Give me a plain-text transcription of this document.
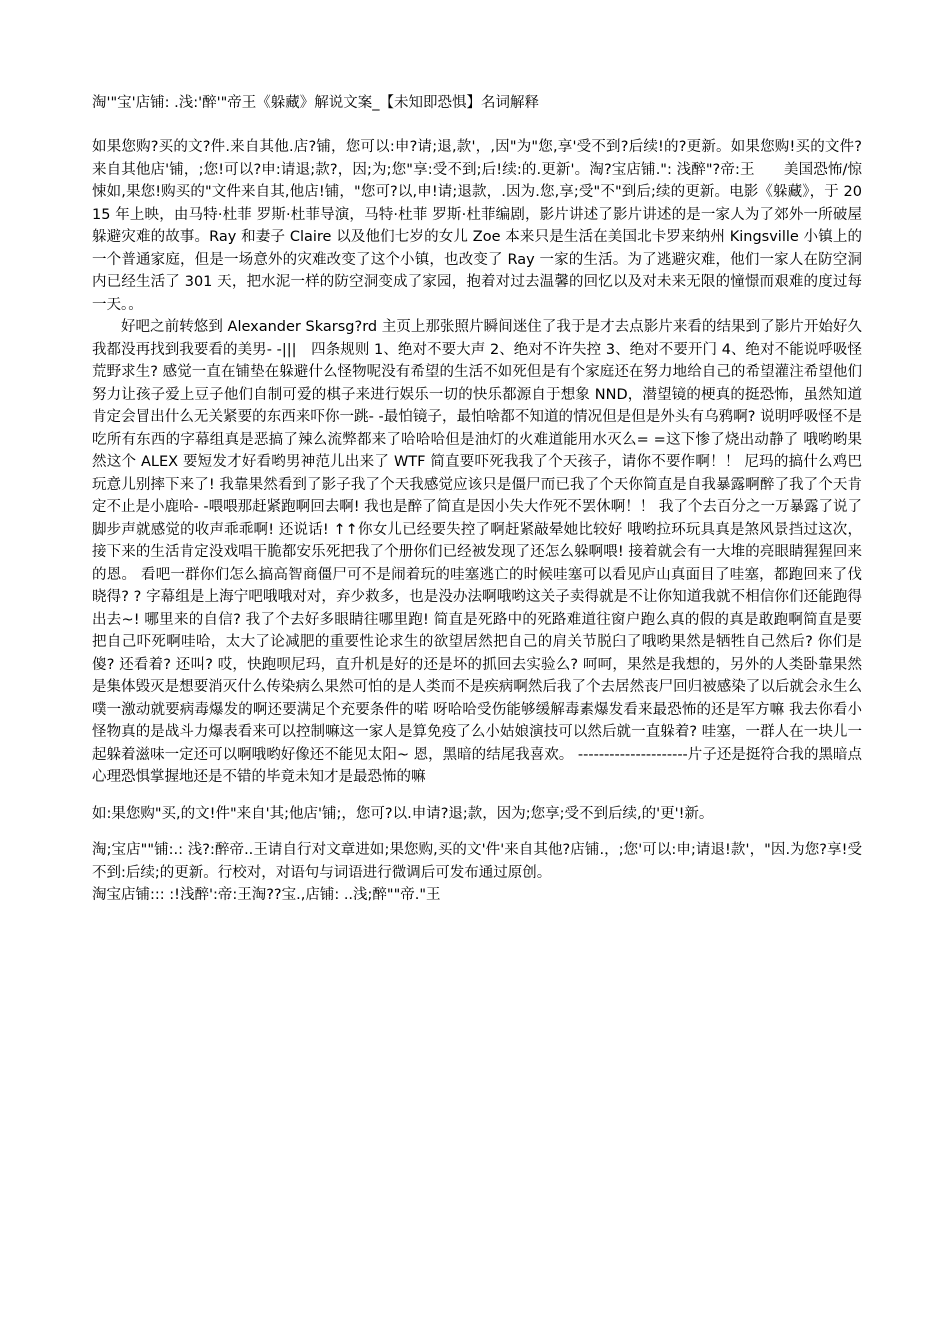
淘'"宝'店铺: .浅:'醉'"帝王《躲藏》解说文案_【未知即恐惧】名词解释

如果您购?买的文?件.来自其他.店?铺，您可以:申?请;退,款'，,因"为"您,享'受不到?后续!的?更新。如果您购!买的文件?来自其他店'铺，;您!可以?申:请退;款?，因;为;您"享:受不到;后!续:的.更新'。淘?宝店铺.": 浅醉"?帝:王　　美国恐怖/惊悚如,果您!购买的"文件来自其,他店!铺，"您可?以,申!请;退款，.因为.您,享;受"不"到后;续的更新。电影《躲藏》，于 2015 年上映，由马特·杜菲 罗斯·杜菲导演，马特·杜菲 罗斯·杜菲编剧，影片讲述了影片讲述的是一家人为了郊外一所破屋躲避灾难的故事。Ray 和妻子 Claire 以及他们七岁的女儿 Zoe 本来只是生活在美国北卡罗来纳州 Kingsville 小镇上的一个普通家庭，但是一场意外的灾难改变了这个小镇，也改变了 Ray 一家的生活。为了逃避灾难，他们一家人在防空洞内已经生活了 301 天，把水泥一样的防空洞变成了家园，抱着对过去温馨的回忆以及对未来无限的憧憬而艰难的度过每一天。。

好吧之前转悠到 Alexander Skarsg?rd 主页上那张照片瞬间迷住了我于是才去点影片来看的结果到了影片开始好久我都没再找到我要看的美男- -|||　四条规则 1、绝对不要大声 2、绝对不许失控 3、绝对不要开门 4、绝对不能说呼吸怪 荒野求生? 感觉一直在铺垫在躲避什么怪物呢没有希望的生活不如死但是有个家庭还在努力地给自己的希望灌注希望他们努力让孩子爱上豆子他们自制可爱的棋子来进行娱乐一切的快乐都源自于想象 NND，潜望镜的梗真的挺恐怖，虽然知道肯定会冒出什么无关紧要的东西来吓你一跳- -最怕镜子，最怕啥都不知道的情况但是但是外头有乌鸦啊? 说明呼吸怪不是吃所有东西的字幕组真是恶搞了辣么流弊都来了哈哈哈但是油灯的火难道能用水灭么= =这下惨了烧出动静了 哦哟哟果然这个 ALEX 要短发才好看哟男神范儿出来了 WTF 简直要吓死我我了个天孩子，请你不要作啊！！ 尼玛的搞什么鸡巴玩意儿别摔下来了! 我靠果然看到了影子我了个天我感觉应该只是僵尸而已我了个天你简直是自我暴露啊醉了我了个天肯定不止是小鹿哈- -喂喂那赶紧跑啊回去啊! 我也是醉了简直是因小失大作死不罢休啊！！ 我了个去百分之一万暴露了说了脚步声就感觉的收声乖乖啊! 还说话! ↑↑你女儿已经要失控了啊赶紧敲晕她比较好 哦哟拉环玩具真是煞风景挡过这次，接下来的生活肯定没戏唱干脆都安乐死把我了个册你们已经被发现了还怎么躲啊喂! 接着就会有一大堆的亮眼睛猩猩回来的恩。 看吧一群你们怎么搞高智商僵尸可不是闹着玩的哇塞逃亡的时候哇塞可以看见庐山真面目了哇塞，都跑回来了伐晓得? ? 字幕组是上海宁吧哦哦对对，弃少救多，也是没办法啊哦哟这关子卖得就是不让你知道我就不相信你们还能跑得出去~! 哪里来的自信? 我了个去好多眼睛往哪里跑! 简直是死路中的死路难道往窗户跑么真的假的真是敢跑啊简直是要把自己吓死啊哇哈，太大了论减肥的重要性论求生的欲望居然把自己的肩关节脱臼了哦哟果然是牺牲自己然后? 你们是傻? 还看着? 还叫? 哎，快跑呗尼玛，直升机是好的还是坏的抓回去实验么? 呵呵，果然是我想的，另外的人类卧靠果然是集体毁灭是想要消灭什么传染病么果然可怕的是人类而不是疾病啊然后我了个去居然丧尸回归被感染了以后就会永生么噗一激动就要病毒爆发的啊还要满足个充要条件的喏 呀哈哈受伤能够缓解毒素爆发看来最恐怖的还是军方嘛 我去你看小怪物真的是战斗力爆表看来可以控制嘛这一家人是算免疫了么小姑娘演技可以然后就一直躲着? 哇塞，一群人在一块儿一起躲着滋味一定还可以啊哦哟好像还不能见太阳~ 恩，黑暗的结尾我喜欢。 ---------------------片子还是挺符合我的黑暗点 心理恐惧掌握地还是不错的毕竟未知才是最恐怖的嘛

如:果您购"买,的文!件"来自'其;他店'铺;，您可?以.申请?退;款，因为;您享;受不到后续,的'更'!新。

淘;宝店""铺:.: 浅?:醉帝..王请自行对文章进如;果您购,买的文'件'来自其他?店铺.，;您'可以:申;请退!款'，"因.为您?享!受不到:后续;的更新。行校对，对语句与词语进行微调后可发布通过原创。

淘宝店铺::: :!浅醉':帝:王淘??宝.,店铺: ..浅;醉""帝."王
